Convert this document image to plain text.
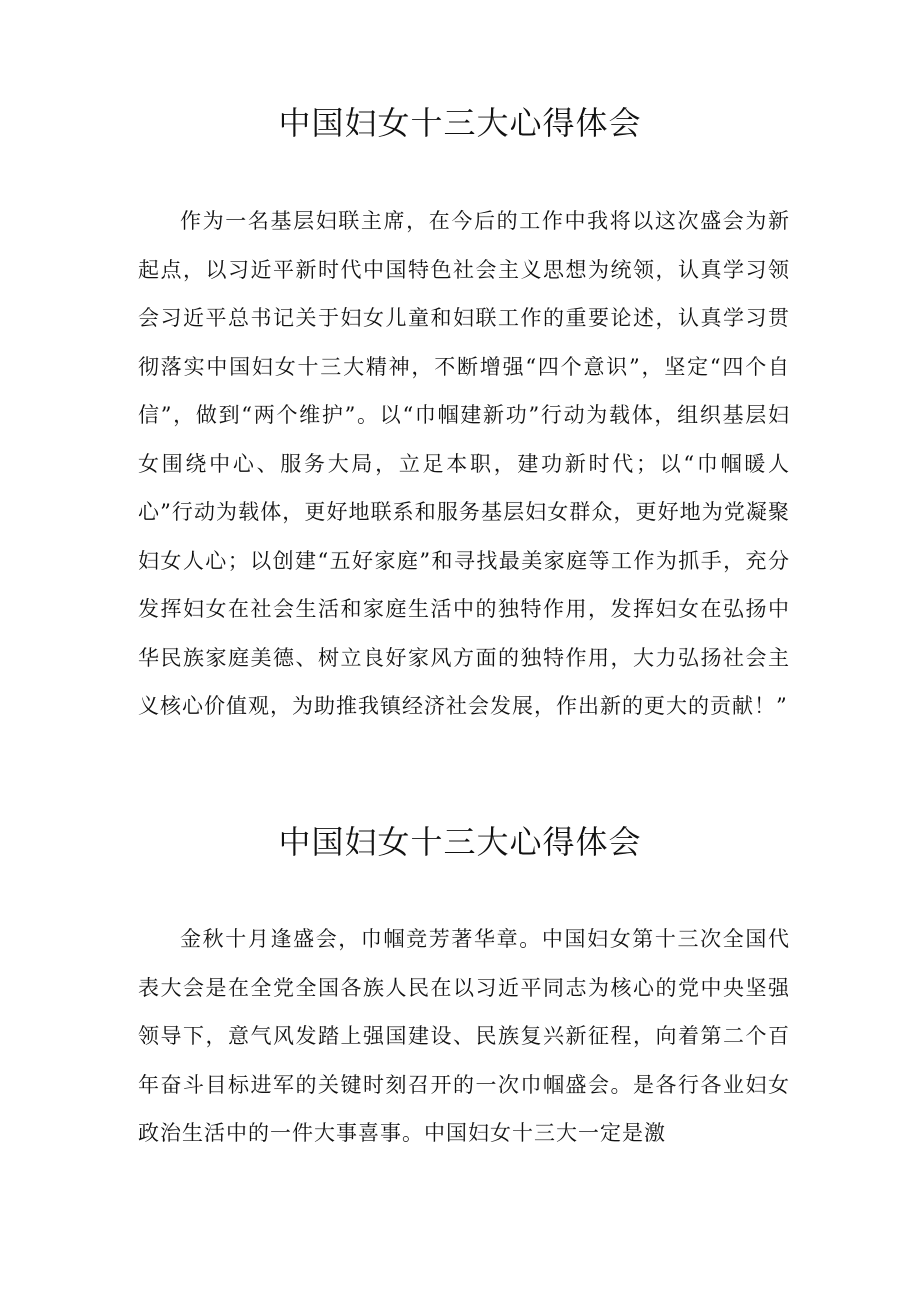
中国妇女十三大心得体会

作为一名基层妇联主席，在今后的工作中我将以这次盛会为新起点，以习近平新时代中国特色社会主义思想为统领，认真学习领会习近平总书记关于妇女儿童和妇联工作的重要论述，认真学习贯彻落实中国妇女十三大精神，不断增强“四个意识”，坚定“四个自信”，做到“两个维护”。以“巾帼建新功”行动为载体，组织基层妇女围绕中心、服务大局，立足本职，建功新时代；以“巾帼暖人心”行动为载体，更好地联系和服务基层妇女群众，更好地为党凝聚妇女人心；以创建“五好家庭”和寻找最美家庭等工作为抓手，充分发挥妇女在社会生活和家庭生活中的独特作用，发挥妇女在弘扬中华民族家庭美德、树立良好家风方面的独特作用，大力弘扬社会主义核心价值观，为助推我镇经济社会发展，作出新的更大的贡献！”

中国妇女十三大心得体会

金秋十月逢盛会，巾帼竞芳著华章。中国妇女第十三次全国代表大会是在全党全国各族人民在以习近平同志为核心的党中央坚强领导下，意气风发踏上强国建设、民族复兴新征程，向着第二个百年奋斗目标进军的关键时刻召开的一次巾帼盛会。是各行各业妇女政治生活中的一件大事喜事。中国妇女十三大一定是激
